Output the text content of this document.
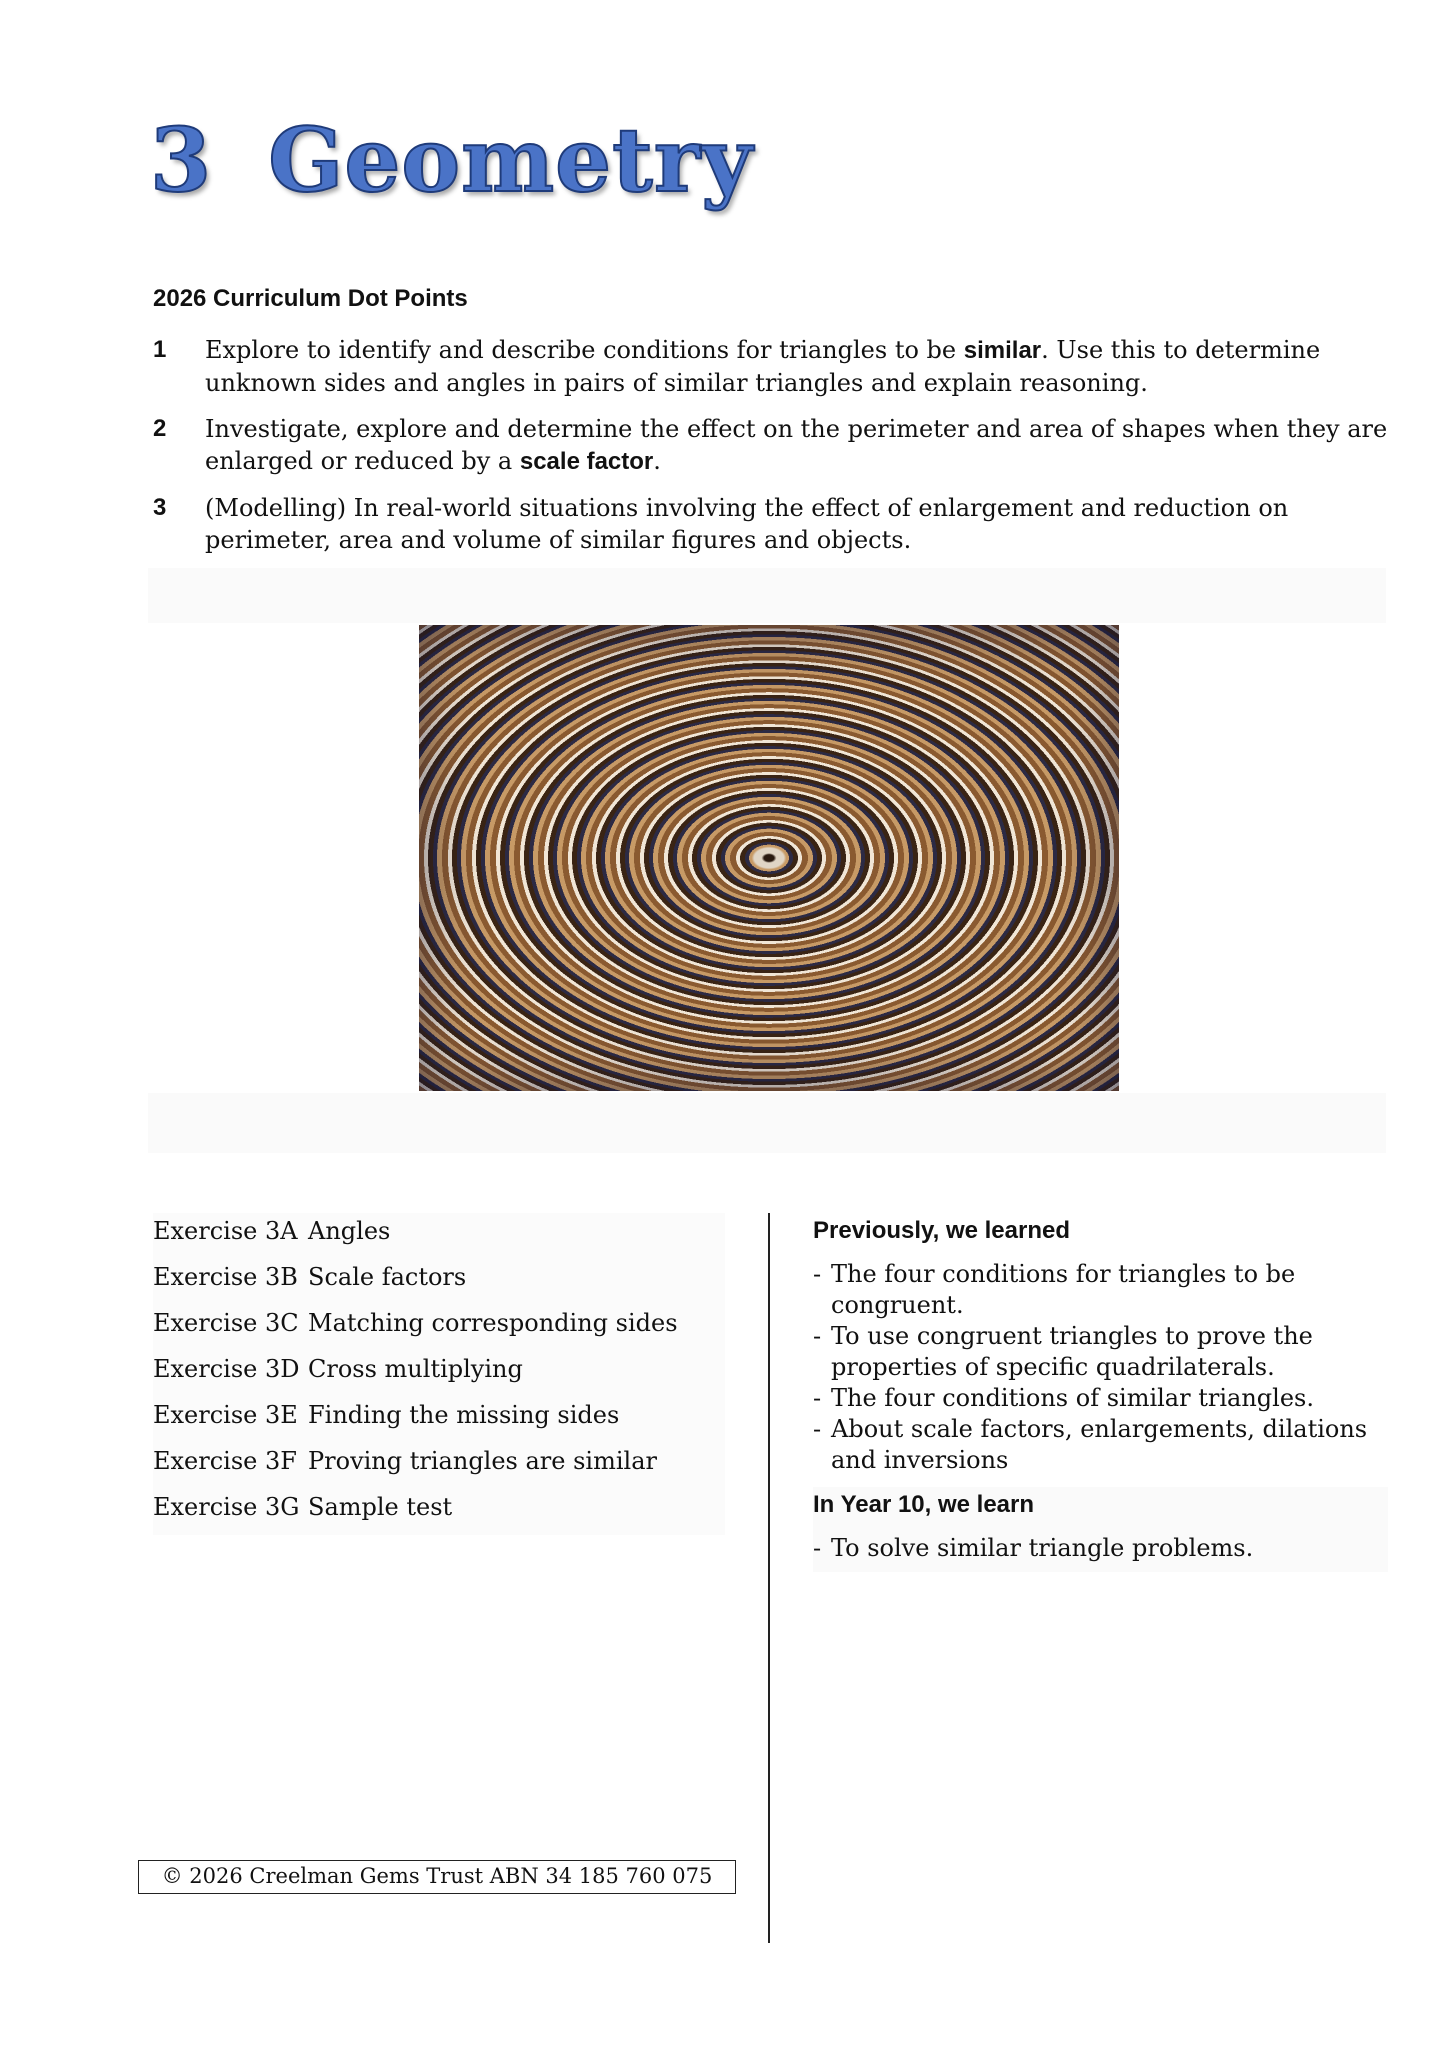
3 Geometry
2026 Curriculum Dot Points
1 Explore to identify and describe conditions for triangles to be similar. Use this to determine unknown sides and angles in pairs of similar triangles and explain reasoning.
2 Investigate, explore and determine the effect on the perimeter and area of shapes when they are enlarged or reduced by a scale factor.
3 (Modelling) In real-world situations involving the effect of enlargement and reduction on perimeter, area and volume of similar figures and objects.
Exercise 3A Angles
Exercise 3B Scale factors
Exercise 3C Matching corresponding sides
Exercise 3D Cross multiplying
Exercise 3E Finding the missing sides
Exercise 3F Proving triangles are similar
Exercise 3G Sample test
Previously, we learned
- The four conditions for triangles to be congruent.
- To use congruent triangles to prove the properties of specific quadrilaterals.
- The four conditions of similar triangles.
- About scale factors, enlargements, dilations and inversions
In Year 10, we learn
- To solve similar triangle problems.
© 2026 Creelman Gems Trust ABN 34 185 760 075
